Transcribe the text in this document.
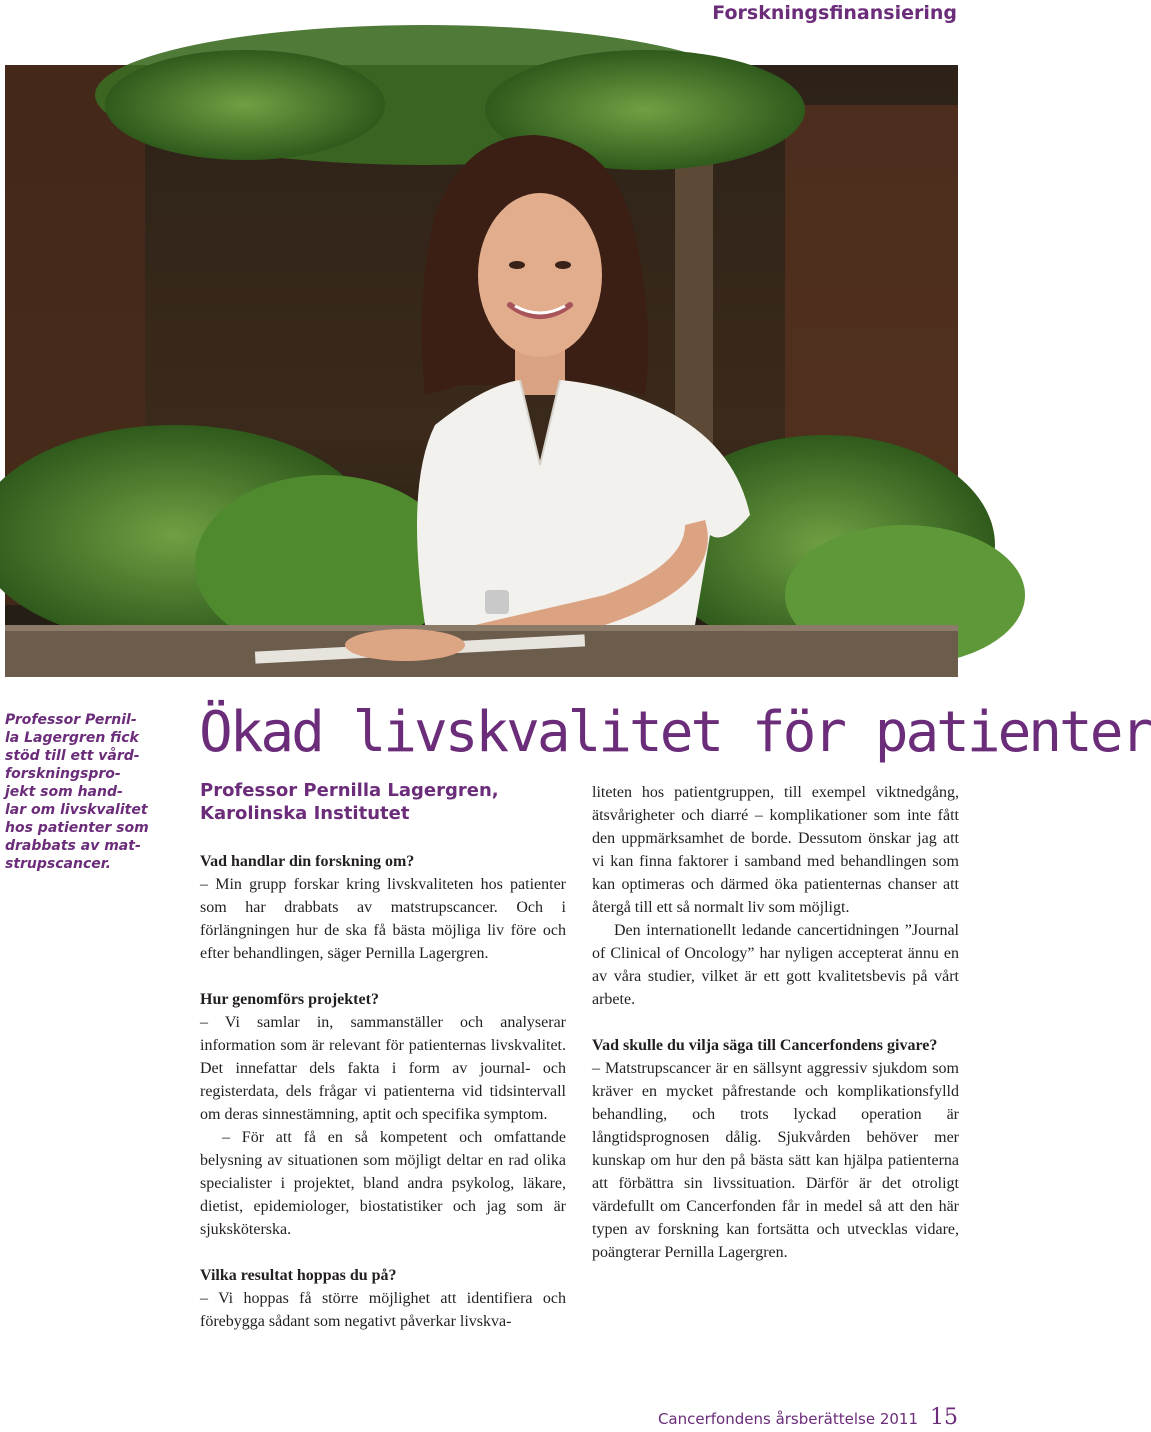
Forskningsfinansiering
Professor Pernil-
la Lagergren fick
stöd till ett vård-
forskningspro-
jekt som hand-
lar om livskvalitet
hos patienter som
drabbats av mat-
strupscancer.
Ökad livskvalitet för patienter
Professor Pernilla Lagergren,
Karolinska Institutet

Vad handlar din forskning om?

– Min grupp forskar kring livskvaliteten hos patienter som har drabbats av matstrupscancer. Och i förlängningen hur de ska få bästa möjliga liv före och efter behandlingen, säger Pernilla Lagergren.

Hur genomförs projektet?

– Vi samlar in, sammanställer och analyserar information som är relevant för patienternas livskvalitet. Det innefattar dels fakta i form av journal- och registerdata, dels frågar vi patienterna vid tidsintervall om deras sinnestämning, aptit och specifika symptom.

– För att få en så kompetent och omfattande belysning av situationen som möjligt deltar en rad olika specialister i projektet, bland andra psykolog, läkare, dietist, epidemiologer, biostatistiker och jag som är sjuksköterska.

Vilka resultat hoppas du på?

– Vi hoppas få större möjlighet att identifiera och förebygga sådant som negativt påverkar livskva-

liteten hos patientgruppen, till exempel viktnedgång, ätsvårigheter och diarré – komplikationer som inte fått den uppmärksamhet de borde. Dessutom önskar jag att vi kan finna faktorer i samband med behandlingen som kan optimeras och därmed öka patienternas chanser att återgå till ett så normalt liv som möjligt.

Den internationellt ledande cancertidningen ”Journal of Clinical of Oncology” har nyligen accepterat ännu en av våra studier, vilket är ett gott kvalitetsbevis på vårt arbete.

Vad skulle du vilja säga till Cancerfondens givare?

– Matstrupscancer är en sällsynt aggressiv sjukdom som kräver en mycket påfrestande och komplikationsfylld behandling, och trots lyckad operation är långtidsprognosen dålig. Sjukvården behöver mer kunskap om hur den på bästa sätt kan hjälpa patienterna att förbättra sin livssituation. Därför är det otroligt värdefullt om Cancerfonden får in medel så att den här typen av forskning kan fortsätta och utvecklas vidare, poängterar Pernilla Lagergren.

Cancerfondens årsberättelse 2011 15
